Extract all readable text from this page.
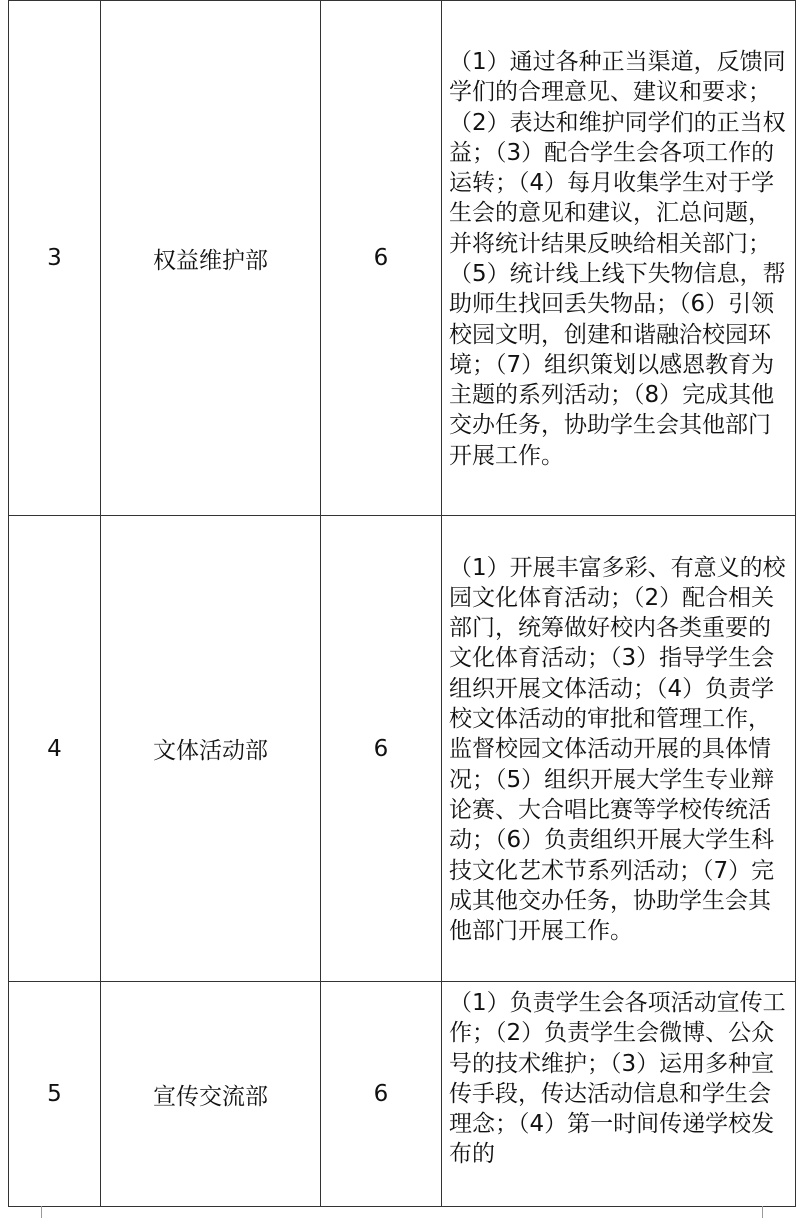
3	权益维护部	6	（1）通过各种正当渠道，反馈同学们的合理意见、建议和要求；（2）表达和维护同学们的正当权益；（3）配合学生会各项工作的运转；（4）每月收集学生对于学生会的意见和建议，汇总问题，并将统计结果反映给相关部门；（5）统计线上线下失物信息，帮助师生找回丢失物品；（6）引领校园文明，创建和谐融洽校园环境；（7）组织策划以感恩教育为主题的系列活动；（8）完成其他交办任务，协助学生会其他部门开展工作。
4	文体活动部	6	（1）开展丰富多彩、有意义的校园文化体育活动；（2）配合相关部门，统筹做好校内各类重要的文化体育活动；（3）指导学生会组织开展文体活动；（4）负责学校文体活动的审批和管理工作，监督校园文体活动开展的具体情况；（5）组织开展大学生专业辩论赛、大合唱比赛等学校传统活动；（6）负责组织开展大学生科技文化艺术节系列活动；（7）完成其他交办任务，协助学生会其他部门开展工作。
5	宣传交流部	6	（1）负责学生会各项活动宣传工作；（2）负责学生会微博、公众号的技术维护；（3）运用多种宣传手段，传达活动信息和学生会理念；（4）第一时间传递学校发布的
